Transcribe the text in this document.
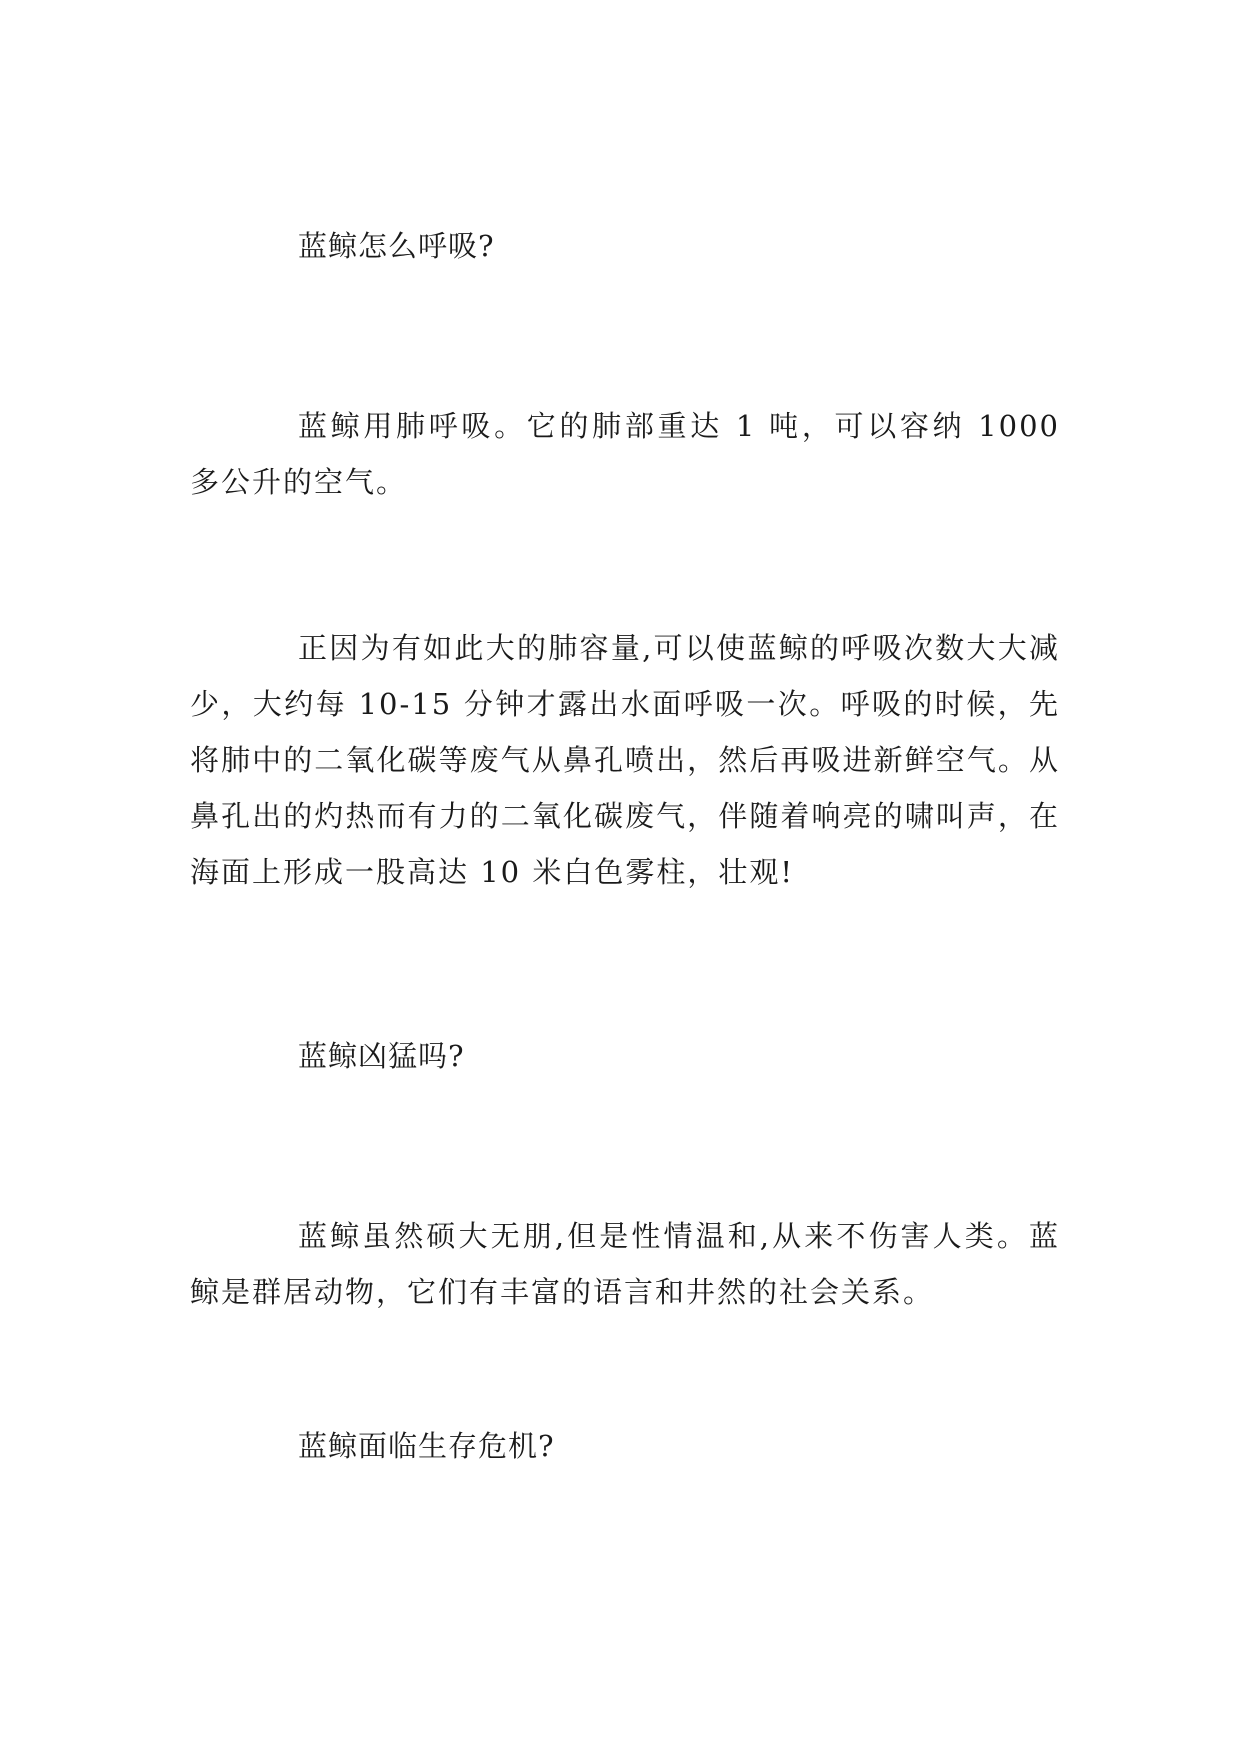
蓝鲸怎么呼吸?

蓝鲸用肺呼吸。它的肺部重达 1 吨，可以容纳 1000 多公升的空气。

正因为有如此大的肺容量,可以使蓝鲸的呼吸次数大大减少，大约每 10-15 分钟才露出水面呼吸一次。呼吸的时候，先将肺中的二氧化碳等废气从鼻孔喷出，然后再吸进新鲜空气。从鼻孔出的灼热而有力的二氧化碳废气，伴随着响亮的啸叫声，在海面上形成一股高达 10 米白色雾柱，壮观!

蓝鲸凶猛吗?

蓝鲸虽然硕大无朋,但是性情温和,从来不伤害人类。蓝鲸是群居动物，它们有丰富的语言和井然的社会关系。

蓝鲸面临生存危机?
